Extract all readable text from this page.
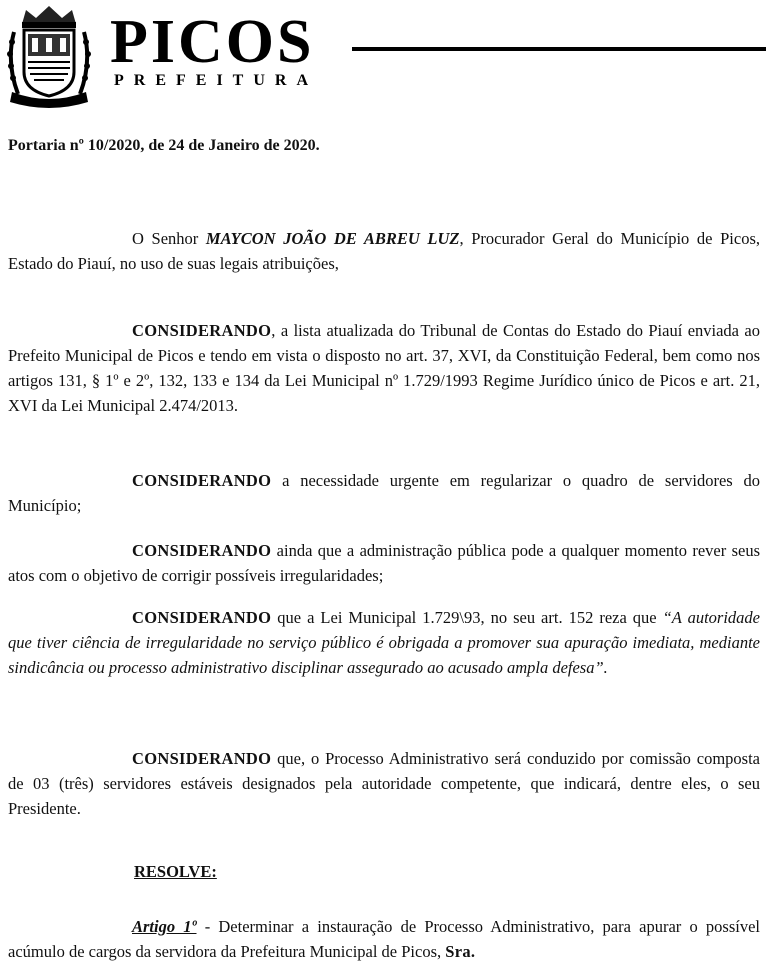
PICOS
PREFEITURA
Portaria nº 10/2020, de 24 de Janeiro de 2020.

O Senhor MAYCON JOÃO DE ABREU LUZ, Procurador Geral do Município de Picos, Estado do Piauí, no uso de suas legais atribuições,

CONSIDERANDO, a lista atualizada do Tribunal de Contas do Estado do Piauí enviada ao Prefeito Municipal de Picos e tendo em vista o disposto no art. 37, XVI, da Constituição Federal, bem como nos artigos 131, § 1º e 2º, 132, 133 e 134 da Lei Municipal nº 1.729/1993 Regime Jurídico único de Picos e art. 21, XVI da Lei Municipal 2.474/2013.

CONSIDERANDO a necessidade urgente em regularizar o quadro de servidores do Município;

CONSIDERANDO ainda que a administração pública pode a qualquer momento rever seus atos com o objetivo de corrigir possíveis irregularidades;

CONSIDERANDO que a Lei Municipal 1.729\93, no seu art. 152 reza que “A autoridade que tiver ciência de irregularidade no serviço público é obrigada a promover sua apuração imediata, mediante sindicância ou processo administrativo disciplinar assegurado ao acusado ampla defesa”.

CONSIDERANDO que, o Processo Administrativo será conduzido por comissão composta de 03 (três) servidores estáveis designados pela autoridade competente, que indicará, dentre eles, o seu Presidente.

RESOLVE:

Artigo 1º - Determinar a instauração de Processo Administrativo, para apurar o possível acúmulo de cargos da servidora da Prefeitura Municipal de Picos, Sra.
